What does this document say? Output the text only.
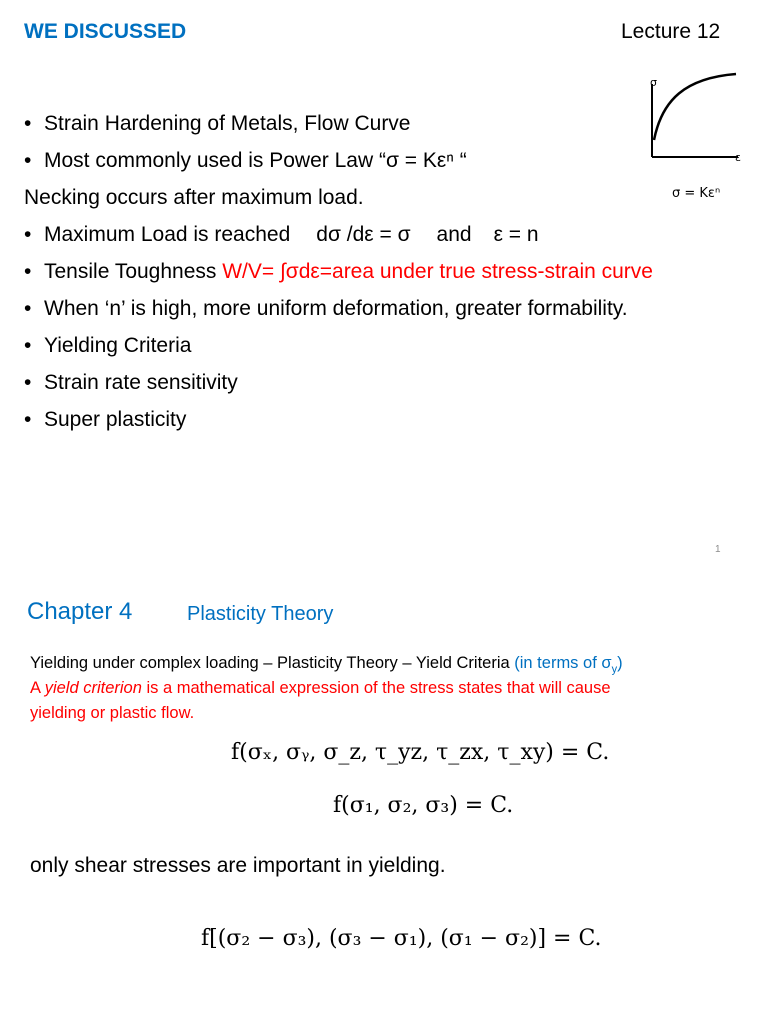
WE DISCUSSED	Lecture 12
σ
ε
σ = Kεⁿ
• Strain Hardening of Metals, Flow Curve
• Most commonly used is Power Law “σ = Kεⁿ “
Necking occurs after maximum load.
• Maximum Load is reached dσ /dε = σ and ε = n
• Tensile Toughness W/V= ∫σdε=area under true stress-strain curve
• When ‘n’ is high, more uniform deformation, greater formability.
• Yielding Criteria
• Strain rate sensitivity
• Super plasticity
1
Chapter 4	Plasticity Theory
Yielding under complex loading – Plasticity Theory – Yield Criteria (in terms of $\sigma_y$)
A yield criterion is a mathematical expression of the stress states that will cause
yielding or plastic flow.
f(σₓ, σᵧ, σ_z, τ_yz, τ_zx, τ_xy) = C.
f(σ₁, σ₂, σ₃) = C.
only shear stresses are important in yielding.
f[(σ₂ − σ₃), (σ₃ − σ₁), (σ₁ − σ₂)] = C.
